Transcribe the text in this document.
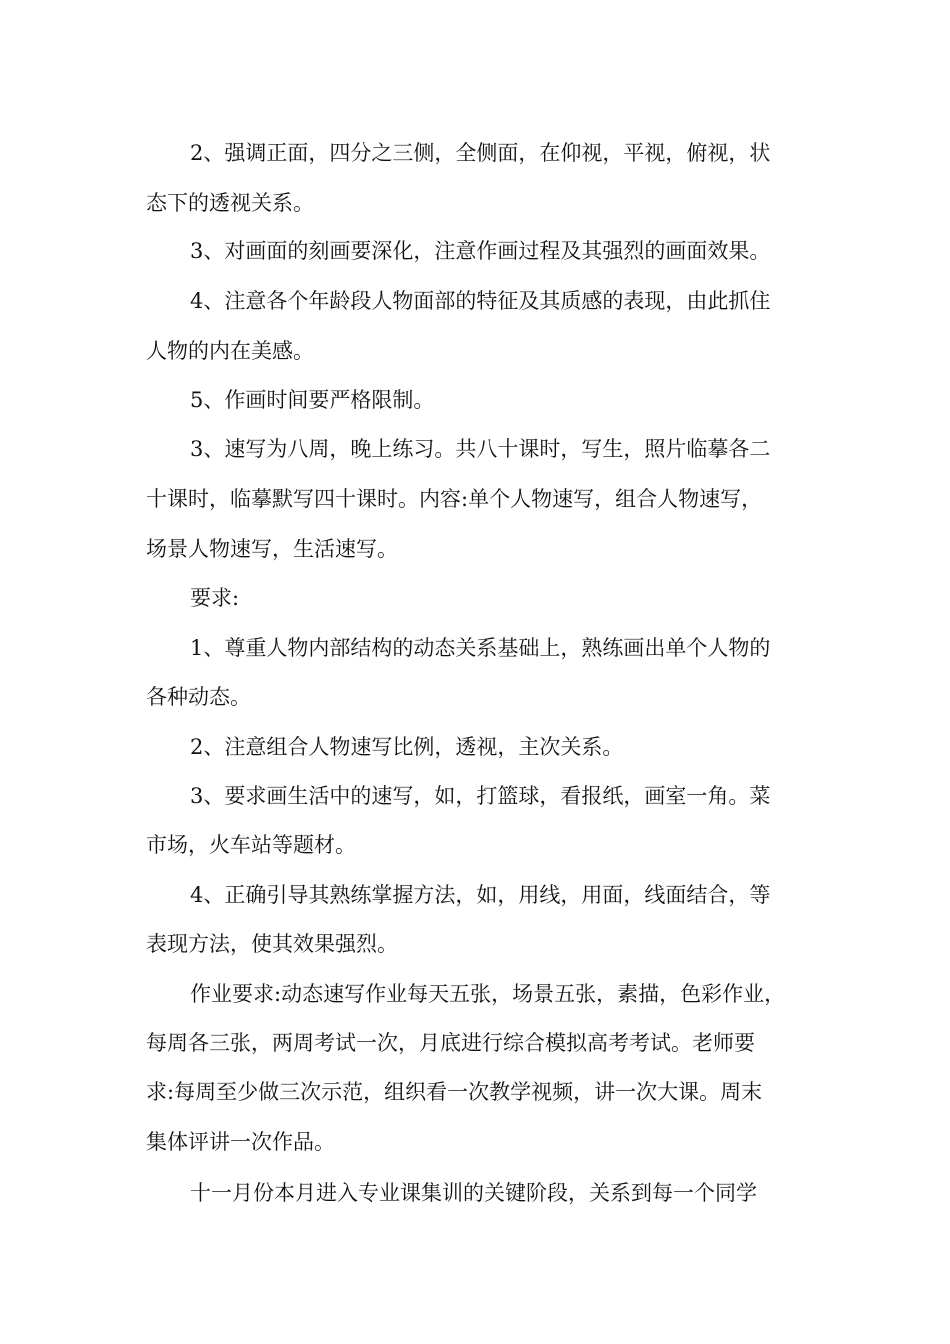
2、强调正面，四分之三侧，全侧面，在仰视，平视，俯视，状

态下的透视关系。

3、对画面的刻画要深化，注意作画过程及其强烈的画面效果。

4、注意各个年龄段人物面部的特征及其质感的表现，由此抓住

人物的内在美感。

5、作画时间要严格限制。

3、速写为八周，晚上练习。共八十课时，写生，照片临摹各二

十课时，临摹默写四十课时。内容:单个人物速写，组合人物速写，

场景人物速写，生活速写。

要求:

1、尊重人物内部结构的动态关系基础上，熟练画出单个人物的

各种动态。

2、注意组合人物速写比例，透视，主次关系。

3、要求画生活中的速写，如，打篮球，看报纸，画室一角。菜

市场，火车站等题材。

4、正确引导其熟练掌握方法，如，用线，用面，线面结合，等

表现方法，使其效果强烈。

作业要求:动态速写作业每天五张，场景五张，素描，色彩作业，

每周各三张，两周考试一次，月底进行综合模拟高考考试。老师要

求:每周至少做三次示范，组织看一次教学视频，讲一次大课。周末

集体评讲一次作品。

十一月份本月进入专业课集训的关键阶段，关系到每一个同学
